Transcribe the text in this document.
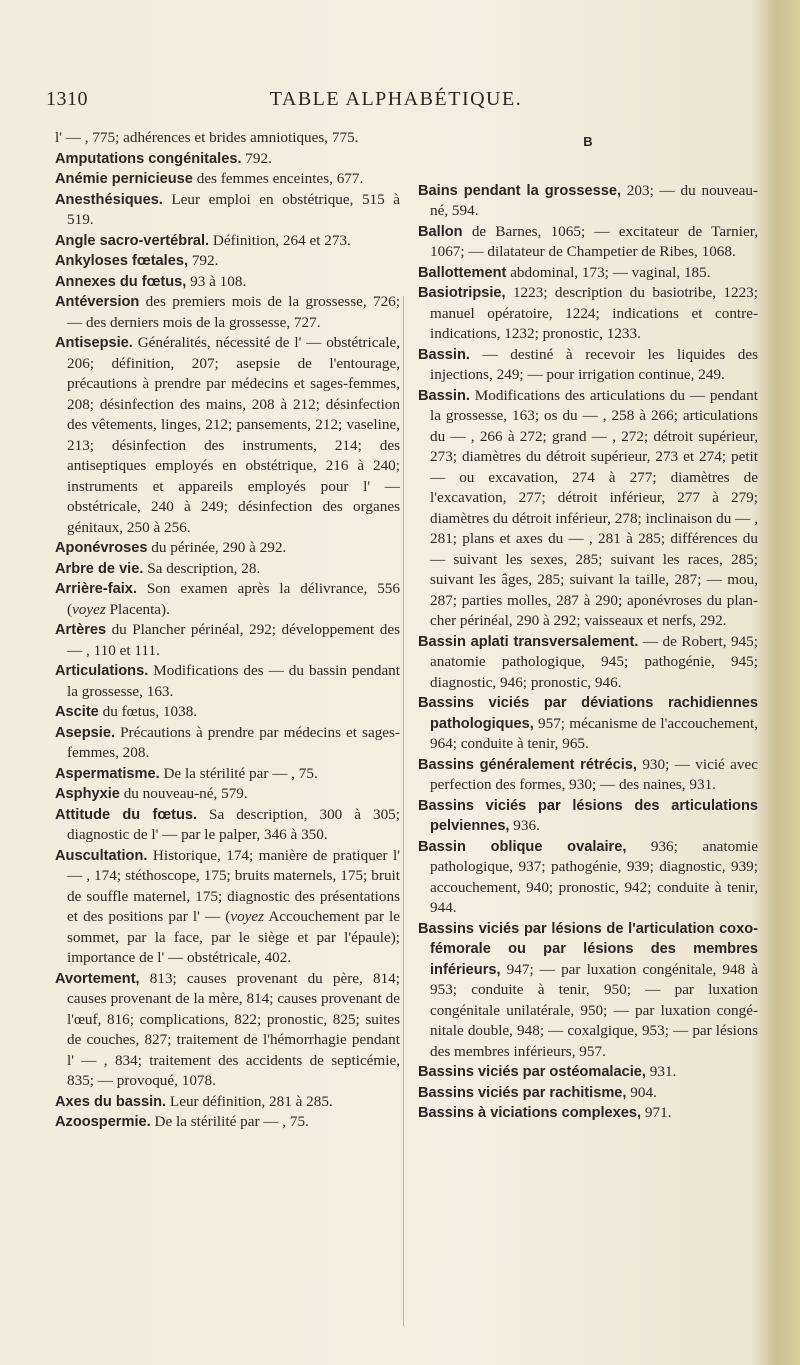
1310	TABLE ALPHABÉTIQUE.
l' — , 775; adhérences et brides amniotiques, 775.
Amputations congénitales. 792.
Anémie pernicieuse des femmes enceintes, 677.
Anesthésiques. Leur emploi en obstétrique, 515 à 519.
Angle sacro-vertébral. Définition, 264 et 273.
Ankyloses fœtales, 792.
Annexes du fœtus, 93 à 108.
Antéversion des premiers mois de la grossesse, 726; — des derniers mois de la grossesse, 727.
Antisepsie. Généralités, nécessité de l' — obstétricale, 206; définition, 207; asepsie de l'entourage, précautions à prendre par médecins et sages-femmes, 208; désinfection des mains, 208 à 212; désinfection des vêtements, linges, 212; pansements, 212; vaseline, 213; désinfection des instruments, 214; des antiseptiques employés en obstétrique, 216 à 240; instruments et appareils employés pour l' — obstétricale, 240 à 249; désinfection des organes génitaux, 250 à 256.
Aponévroses du périnée, 290 à 292.
Arbre de vie. Sa description, 28.
Arrière-faix. Son examen après la délivrance, 556 (voyez Placenta).
Artères du Plancher périnéal, 292; développement des — , 110 et 111.
Articulations. Modifications des — du bassin pendant la grossesse, 163.
Ascite du fœtus, 1038.
Asepsie. Précautions à prendre par médecins et sages-femmes, 208.
Aspermatisme. De la stérilité par — , 75.
Asphyxie du nouveau-né, 579.
Attitude du fœtus. Sa description, 300 à 305; diagnostic de l' — par le palper, 346 à 350.
Auscultation. Historique, 174; manière de pratiquer l' — , 174; stéthoscope, 175; bruits maternels, 175; bruit de souffle maternel, 175; diagnostic des présentations et des positions par l' — (voyez Accouchement par le sommet, par la face, par le siège et par l'épaule); importance de l' — obstétricale, 402.
Avortement, 813; causes provenant du père, 814; causes provenant de la mère, 814; causes provenant de l'œuf, 816; complications, 822; pronostic, 825; suites de couches, 827; traitement de l'hémorrhagie pendant l' — , 834; traitement des accidents de septicémie, 835; — provoqué, 1078.
Axes du bassin. Leur définition, 281 à 285.
Azoospermie. De la stérilité par — , 75.
B
Bains pendant la grossesse, 203; — du nouveau-né, 594.
Ballon de Barnes, 1065; — excitateur de Tarnier, 1067; — dilatateur de Champetier de Ribes, 1068.
Ballottement abdominal, 173; — vaginal, 185.
Basiotripsie, 1223; description du basiotribe, 1223; manuel opératoire, 1224; indications et contre-indications, 1232; pronostic, 1233.
Bassin. — destiné à recevoir les liquides des injections, 249; — pour irrigation continue, 249.
Bassin. Modifications des articulations du — pendant la grossesse, 163; os du — , 258 à 266; articulations du — , 266 à 272; grand — , 272; détroit supérieur, 273; diamètres du détroit supérieur, 273 et 274; petit — ou excavation, 274 à 277; diamètres de l'excavation, 277; détroit inférieur, 277 à 279; diamètres du détroit inférieur, 278; inclinaison du — , 281; plans et axes du — , 281 à 285; différences du — suivant les sexes, 285; suivant les races, 285; suivant les âges, 285; suivant la taille, 287; — mou, 287; parties molles, 287 à 290; aponévroses du plancher périnéal, 290 à 292; vaisseaux et nerfs, 292.
Bassin aplati transversalement. — de Robert, 945; anatomie pathologique, 945; pathogénie, 945; diagnostic, 946; pronostic, 946.
Bassins viciés par déviations rachidiennes pathologiques, 957; mécanisme de l'accouchement, 964; conduite à tenir, 965.
Bassins généralement rétrécis, 930; — vicié avec perfection des formes, 930; — des naines, 931.
Bassins viciés par lésions des articulations pelviennes, 936.
Bassin oblique ovalaire, 936; anatomie pathologique, 937; pathogénie, 939; diagnostic, 939; accouchement, 940; pronostic, 942; conduite à tenir, 944.
Bassins viciés par lésions de l'articulation coxo-fémorale ou par lésions des membres inférieurs, 947; — par luxation congénitale, 948 à 953; conduite à tenir, 950; — par luxation congénitale unilatérale, 950; — par luxation congénitale double, 948; — coxalgique, 953; — par lésions des membres inférieurs, 957.
Bassins viciés par ostéomalacie, 931.
Bassins viciés par rachitisme, 904.
Bassins à viciations complexes, 971.
